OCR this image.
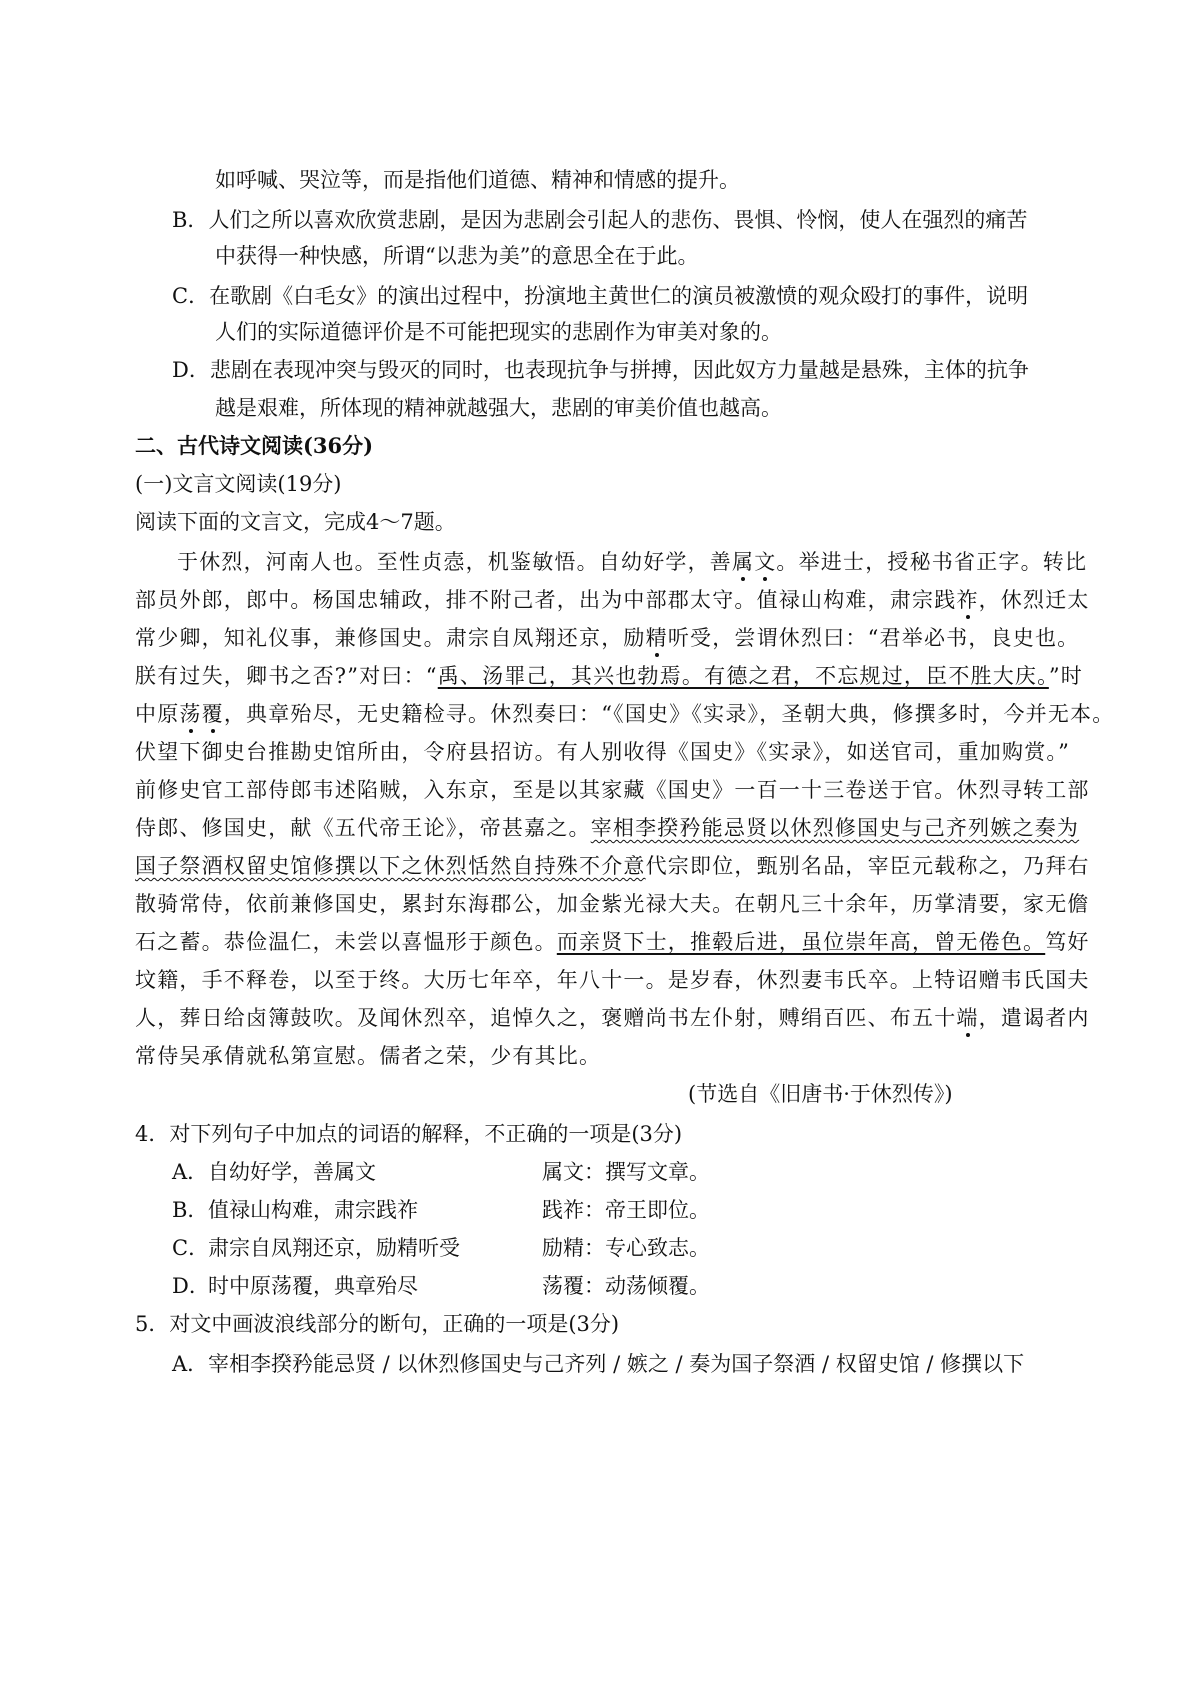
如呼喊、哭泣等，而是指他们道德、精神和情感的提升。
B．人们之所以喜欢欣赏悲剧，是因为悲剧会引起人的悲伤、畏惧、怜悯，使人在强烈的痛苦
中获得一种快感，所谓“以悲为美”的意思全在于此。
C．在歌剧《白毛女》的演出过程中，扮演地主黄世仁的演员被激愤的观众殴打的事件，说明
人们的实际道德评价是不可能把现实的悲剧作为审美对象的。
D．悲剧在表现冲突与毁灭的同时，也表现抗争与拼搏，因此奴方力量越是悬殊，主体的抗争
越是艰难，所体现的精神就越强大，悲剧的审美价值也越高。
二、古代诗文阅读(36分)
(一)文言文阅读(19分)
阅读下面的文言文，完成4～7题。
于休烈，河南人也。至性贞悫，机鉴敏悟。自幼好学，善属文。举进士，授秘书省正字。转比
部员外郎，郎中。杨国忠辅政，排不附己者，出为中部郡太守。值禄山构难，肃宗践祚，休烈迁太
常少卿，知礼仪事，兼修国史。肃宗自凤翔还京，励精听受，尝谓休烈曰：“君举必书，良史也。
朕有过失，卿书之否?”对曰：“禹、汤罪己，其兴也勃焉。有德之君，不忘规过，臣不胜大庆。”时
中原荡覆，典章殆尽，无史籍检寻。休烈奏曰：“《国史》《实录》，圣朝大典，修撰多时，今并无本。
伏望下御史台推勘史馆所由，令府县招访。有人别收得《国史》《实录》，如送官司，重加购赏。”
前修史官工部侍郎韦述陷贼，入东京，至是以其家藏《国史》一百一十三卷送于官。休烈寻转工部
侍郎、修国史，献《五代帝王论》，帝甚嘉之。宰相李揆矜能忌贤以休烈修国史与己齐列嫉之奏为
国子祭酒权留史馆修撰以下之休烈恬然自持殊不介意代宗即位，甄别名品，宰臣元载称之，乃拜右
散骑常侍，依前兼修国史，累封东海郡公，加金紫光禄大夫。在朝凡三十余年，历掌清要，家无儋
石之蓄。恭俭温仁，未尝以喜愠形于颜色。而亲贤下士，推毂后进，虽位崇年高，曾无倦色。笃好
坟籍，手不释卷，以至于终。大历七年卒，年八十一。是岁春，休烈妻韦氏卒。上特诏赠韦氏国夫
人，葬日给卤簿鼓吹。及闻休烈卒，追悼久之，褒赠尚书左仆射，赙绢百匹、布五十端，遣谒者内
常侍吴承倩就私第宣慰。儒者之荣，少有其比。
(节选自《旧唐书·于休烈传》)
4．对下列句子中加点的词语的解释，不正确的一项是(3分)
A．自幼好学，善属文	属文：撰写文章。
B．值禄山构难，肃宗践祚	践祚：帝王即位。
C．肃宗自凤翔还京，励精听受	励精：专心致志。
D．时中原荡覆，典章殆尽	荡覆：动荡倾覆。
5．对文中画波浪线部分的断句，正确的一项是(3分)
A．宰相李揆矜能忌贤 / 以休烈修国史与己齐列 / 嫉之 / 奏为国子祭酒 / 权留史馆 / 修撰以下
